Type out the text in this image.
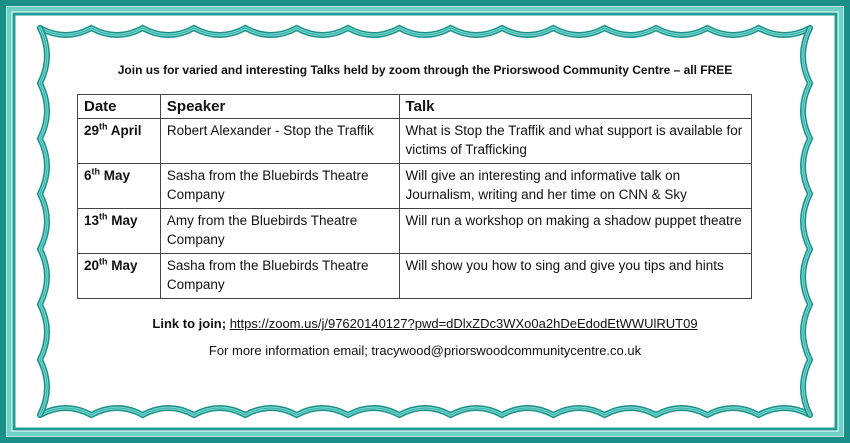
Join us for varied and interesting Talks held by zoom through the Priorswood Community Centre – all FREE
Date	Speaker	Talk
29th April	Robert Alexander - Stop the Traffik	What is Stop the Traffik and what support is available for victims of Trafficking
6th May	Sasha from the Bluebirds Theatre Company	Will give an interesting and informative talk on Journalism, writing and her time on CNN & Sky
13th May	Amy from the Bluebirds Theatre Company	Will run a workshop on making a shadow puppet theatre
20th May	Sasha from the Bluebirds Theatre Company	Will show you how to sing and give you tips and hints
Link to join; https://zoom.us/j/97620140127?pwd=dDlxZDc3WXo0a2hDeEdodEtWWUlRUT09
For more information email; tracywood@priorswoodcommunitycentre.co.uk
